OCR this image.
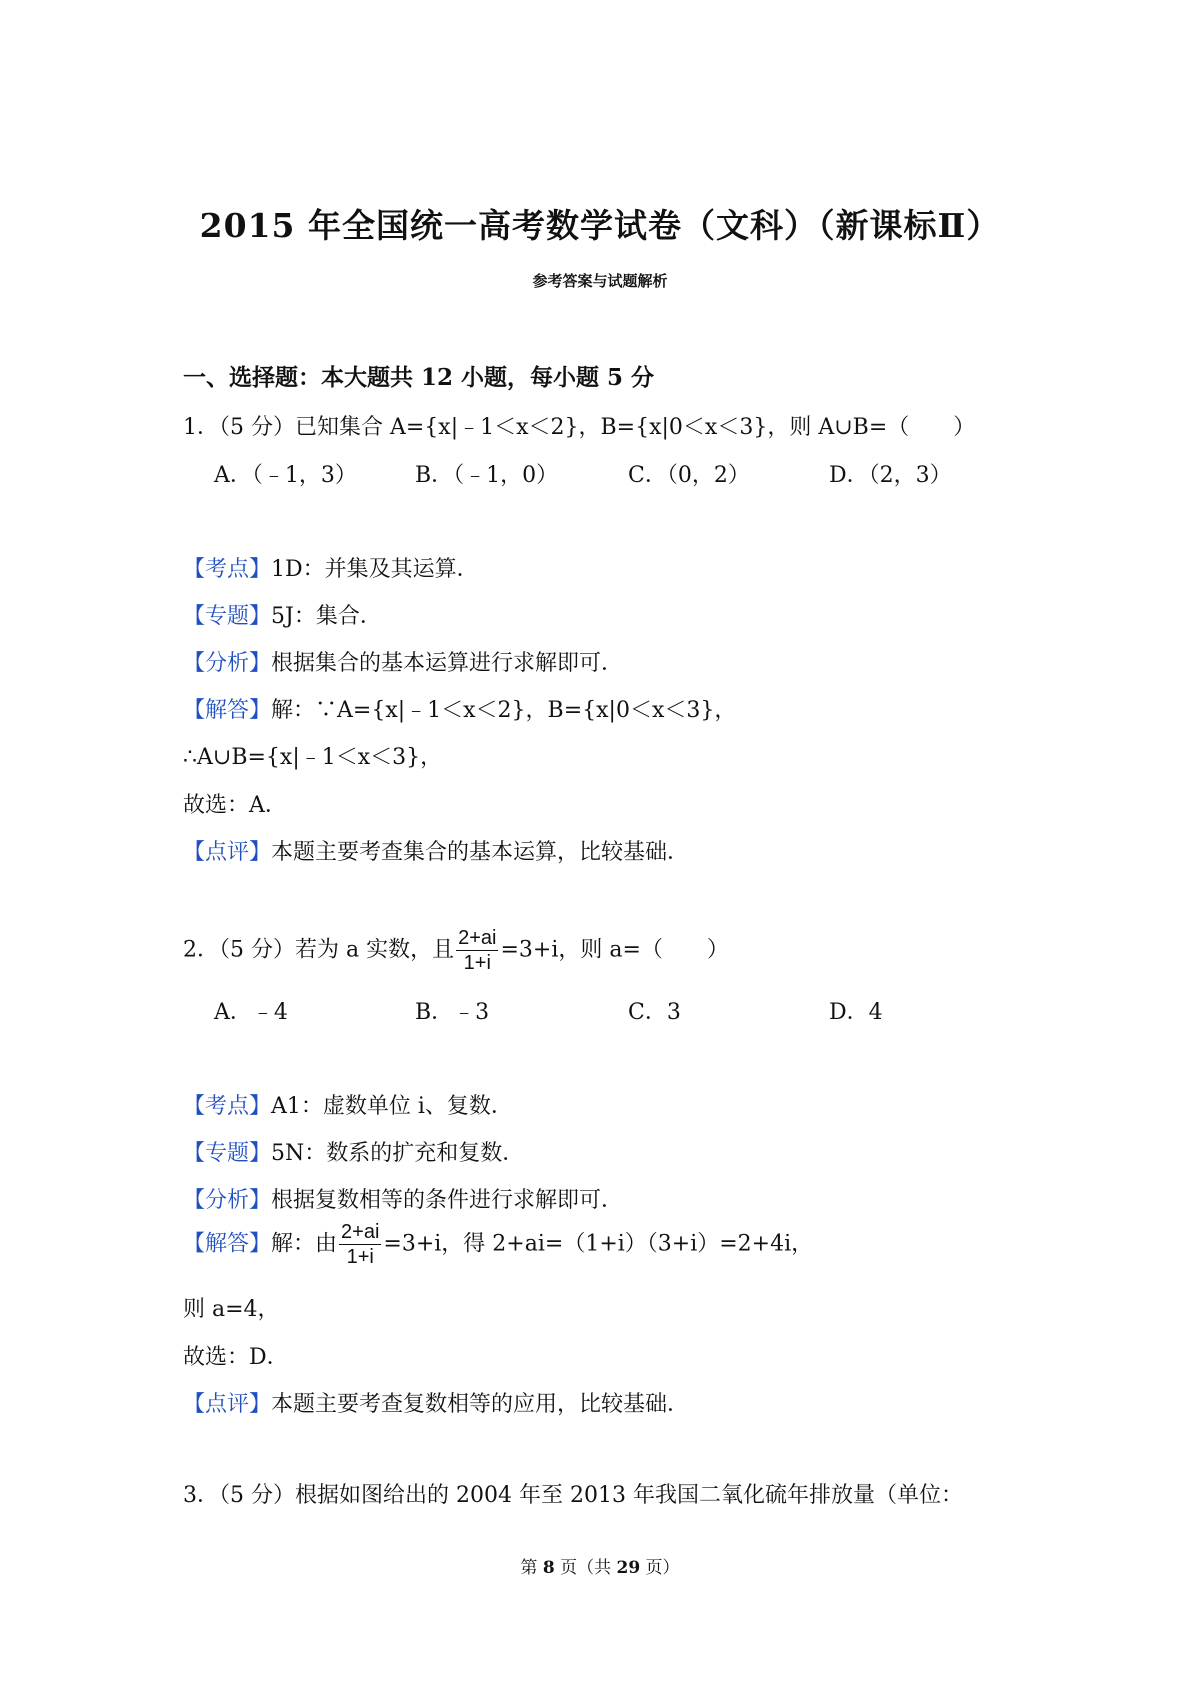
2015 年全国统一高考数学试卷（文科）（新课标Ⅱ）
参考答案与试题解析
一、选择题：本大题共 12 小题，每小题 5 分
1．（5 分）已知集合 A={x|﹣1＜x＜2}，B={x|0＜x＜3}，则 A∪B=（　　）
A．（﹣1，3）	B．（﹣1，0）	C．（0，2）	D．（2，3）
【考点】1D：并集及其运算．
【专题】5J：集合．
【分析】根据集合的基本运算进行求解即可．
【解答】解：∵A={x|﹣1＜x＜2}，B={x|0＜x＜3}，
∴A∪B={x|﹣1＜x＜3}，
故选：A．
【点评】本题主要考查集合的基本运算，比较基础．
2．（5 分）若为 a 实数，且 $\frac{2+ai}{1+i} =3+i$，则 a=（　　）
A．﹣4	B．﹣3	C．3	D．4
【考点】A1：虚数单位 i、复数．
【专题】5N：数系的扩充和复数．
【分析】根据复数相等的条件进行求解即可．
【解答】解：由 $\frac{2+ai}{1+i} =3+i$，得 2+ai=（1+i）（3+i）=2+4i，
则 a=4，
故选：D．
【点评】本题主要考查复数相等的应用，比较基础．
3．（5 分）根据如图给出的 2004 年至 2013 年我国二氧化硫年排放量（单位：
第 8 页（共 29 页）
